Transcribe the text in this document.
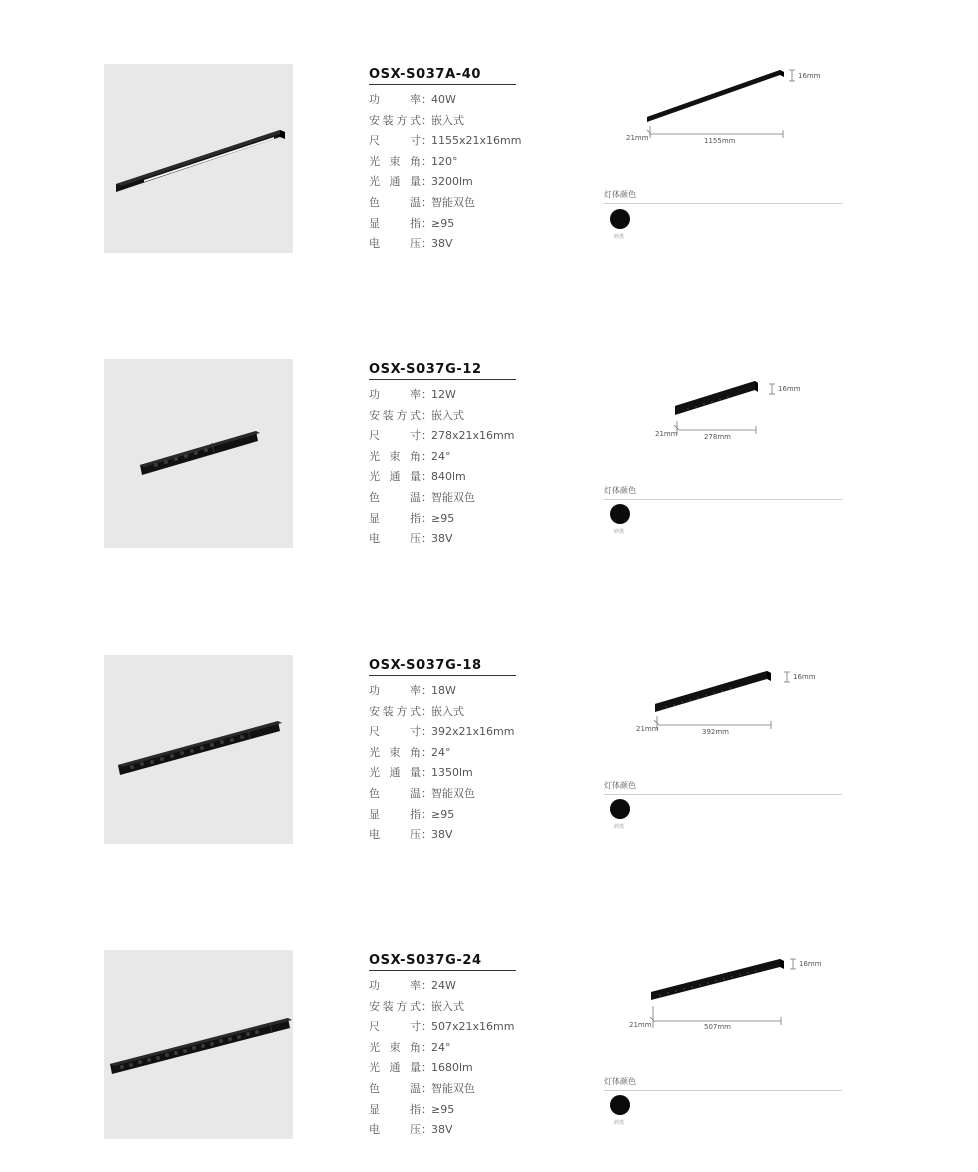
OSX-S037A-40
功　率：40W
安装方式：嵌入式
尺　寸：1155x21x16mm
光束角：120°
光通量：3200lm
色　温：智能双色
显　指：≥95
电　压：38V
16mm
21mm	1155mm
灯体颜色
砂黑
OSX-S037G-12
功　率：12W
安装方式：嵌入式
尺　寸：278x21x16mm
光束角：24°
光通量：840lm
色　温：智能双色
显　指：≥95
电　压：38V
16mm
21mm	278mm
灯体颜色
砂黑
OSX-S037G-18
功　率：18W
安装方式：嵌入式
尺　寸：392x21x16mm
光束角：24°
光通量：1350lm
色　温：智能双色
显　指：≥95
电　压：38V
16mm
21mm	392mm
灯体颜色
砂黑
OSX-S037G-24
功　率：24W
安装方式：嵌入式
尺　寸：507x21x16mm
光束角：24°
光通量：1680lm
色　温：智能双色
显　指：≥95
电　压：38V
16mm
21mm	507mm
灯体颜色
砂黑
